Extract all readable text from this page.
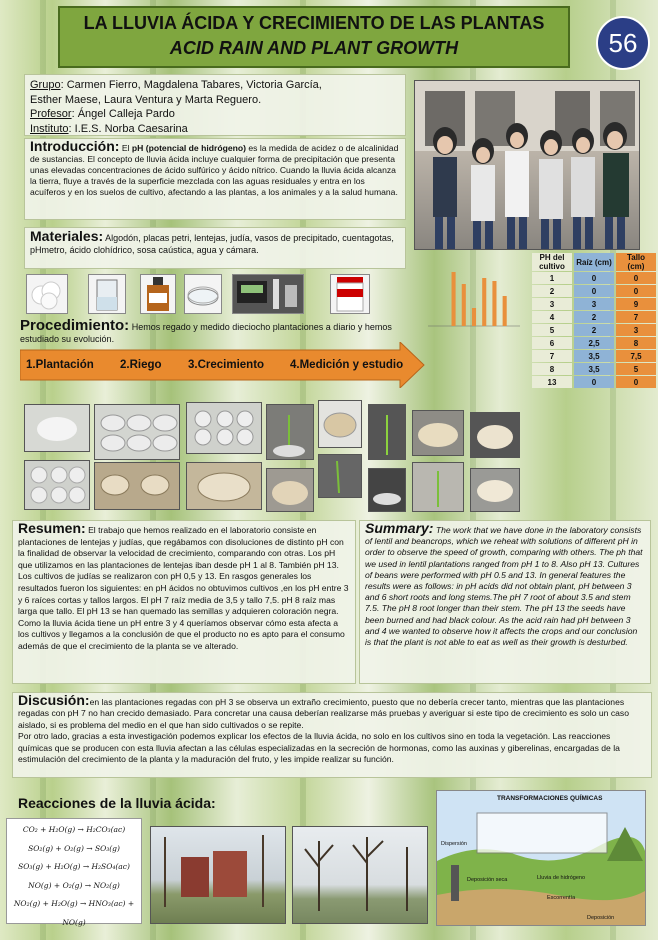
LA LLUVIA ÁCIDA Y CRECIMIENTO DE LAS PLANTAS
ACID RAIN AND PLANT GROWTH	56
Grupo: Carmen Fierro, Magdalena Tabares, Victoria García,
Esther Maese, Laura Ventura y Marta Reguero.
Profesor: Ángel Calleja Pardo
Instituto: I.E.S. Norba Caesarina
Introducción: El pH (potencial de hidrógeno) es la medida de acidez o de alcalinidad de sustancias. El concepto de lluvia ácida incluye cualquier forma de precipitación que presenta unas elevadas concentraciones de ácido sulfúrico y ácido nítrico. Cuando la lluvia ácida alcanza la tierra, fluye a través de la superficie mezclada con las aguas residuales y entra en los acuíferos y en los suelos de cultivo, afectando a las plantas, a los animales y a la salud humana.
Materiales: Algodón, placas petri, lentejas, judía, vasos de precipitado, cuentagotas, pHmetro, ácido clohídrico, sosa caústica, agua y cámara.
PH del cultivo	Raíz (cm)	Tallo (cm)
1	0	0
2	0	0
3	3	9
4	2	7
5	2	3
6	2,5	8
7	3,5	7,5
8	3,5	5
13	0	0
Procedimiento: Hemos regado y medido dieciocho plantaciones a diario y hemos estudiado su evolución.
1.Plantación 2.Riego 3.Crecimiento 4.Medición y estudio
Resumen: El trabajo que hemos realizado en el laboratorio consiste en plantaciones de lentejas y judías, que regábamos con disoluciones de distinto pH con la finalidad de observar la velocidad de crecimiento, comparando con otras. Los pH que utilizamos en las plantaciones de lentejas iban desde pH 1 al 8. También pH 13. Los cultivos de judías se realizaron con pH 0,5 y 13. En rasgos generales los resultados fueron los siguientes: en pH ácidos no obtuvimos cultivos ,en los pH entre 3 y 6 raíces cortas y tallos largos. El pH 7 raíz media de 3,5 y tallo 7,5. pH 8 raíz mas larga que tallo. El pH 13 se han quemado las semillas y adquieren coloración negra. Como la lluvia ácida tiene un pH entre 3 y 4 queríamos observar cómo esta afecta a los cultivos y llegamos a la conclusión de que el producto no es apto para el consumo además de que el crecimiento de la planta se ve alterado.
Summary: The work that we have done in the laboratory consists of lentil and beancrops, which we reheat with solutions of different pH in order to observe the speed of growth, comparing with others. The ph that we used in lentil plantations ranged from pH 1 to 8. Also pH 13. Cultures of beans were performed with pH 0.5 and 13. In general features the results were as follows: in pH acids did not obtain plant, pH between 3 and 6 short roots and long stems.The pH 7 root of about 3.5 and stem 7.5. The pH 8 root longer than their stem. The pH 13 the seeds have been burned and had black colour. As the acid rain had pH between 3 and 4 we wanted to observe how it affects the crops and our conclusion is that the plant is not able to eat as well as their growth is desturbed.
Discusión:en las plantaciones regadas con pH 3 se observa un extraño crecimiento, puesto que no debería crecer tanto, mientras que las plantaciones regadas con pH 7 no han crecido demasiado. Para concretar una causa deberían realizarse más pruebas y averiguar si este tipo de crecimiento es solo un caso aislado, si es problema del medio en el que han sido cultivados o se repite.
Por otro lado, gracias a esta investigación podemos explicar los efectos de la lluvia ácida, no solo en los cultivos sino en toda la vegetación. Las reacciones químicas que se producen con esta lluvia afectan a las células especializadas en la secreción de hormonas, como las auxinas y giberelinas, encargadas de la estimulación del crecimiento de la planta y la maduración del fruto, y les impide realizar su función.
Reacciones de la lluvia ácida:
CO₂ + H₂O(g) → H₂CO₃(ac)
SO₂(g) + O₂(g) → SO₃(g)
SO₃(g) + H₂O(g) → H₂SO₄(ac)
NO(g) + O₂(g) → NO₂(g)
NO₂(g) + H₂O(g) → HNO₃(ac) + NO(g)
TRANSFORMACIONES QUÍMICAS
Dispersión
Deposición seca	Lluvia de hidrógeno
Escorrentía
Deposición
